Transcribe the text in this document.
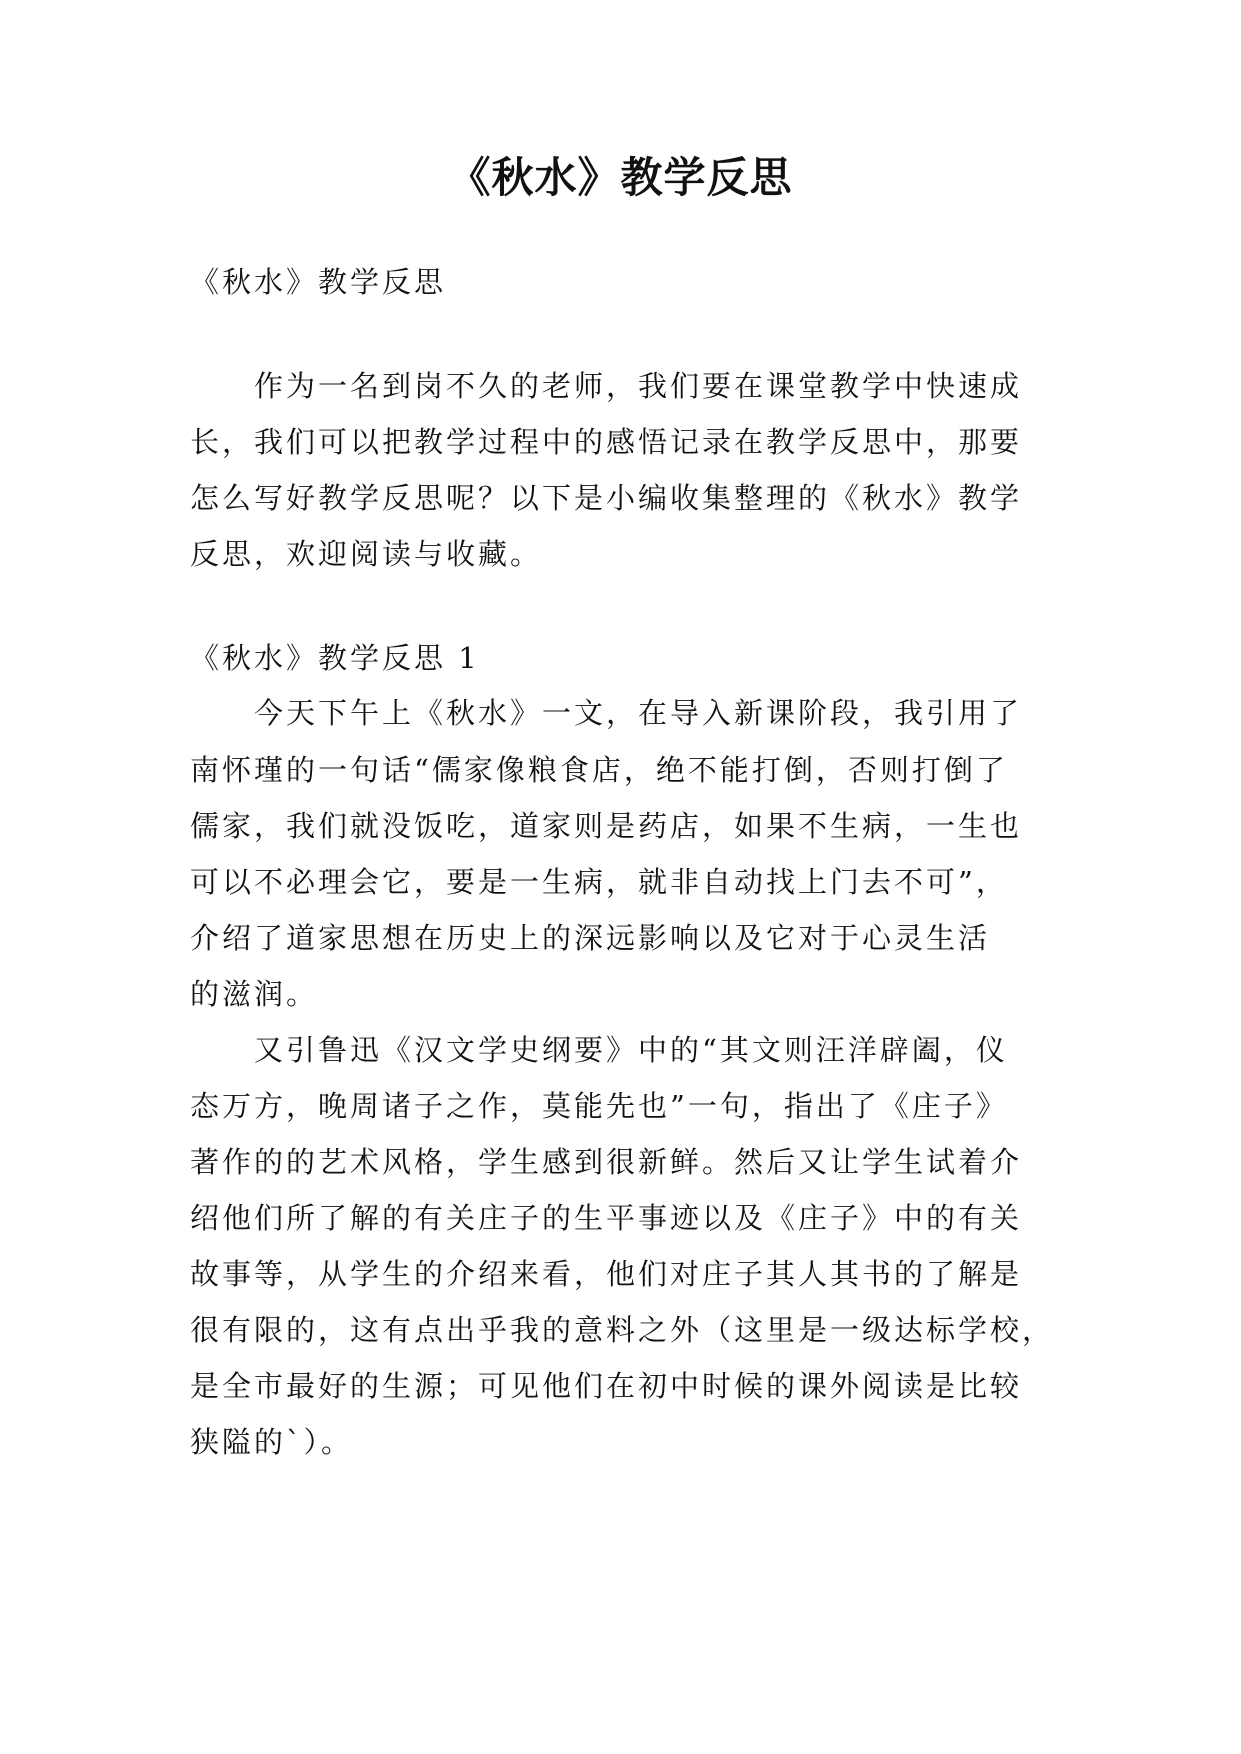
《秋水》教学反思
《秋水》教学反思
作为一名到岗不久的老师，我们要在课堂教学中快速成
长，我们可以把教学过程中的感悟记录在教学反思中，那要
怎么写好教学反思呢？以下是小编收集整理的《秋水》教学
反思，欢迎阅读与收藏。
《秋水》教学反思 1
今天下午上《秋水》一文，在导入新课阶段，我引用了
南怀瑾的一句话“儒家像粮食店，绝不能打倒，否则打倒了
儒家，我们就没饭吃，道家则是药店，如果不生病，一生也
可以不必理会它，要是一生病，就非自动找上门去不可”，
介绍了道家思想在历史上的深远影响以及它对于心灵生活
的滋润。
又引鲁迅《汉文学史纲要》中的“其文则汪洋辟阖，仪
态万方，晚周诸子之作，莫能先也”一句，指出了《庄子》
著作的的艺术风格，学生感到很新鲜。然后又让学生试着介
绍他们所了解的有关庄子的生平事迹以及《庄子》中的有关
故事等，从学生的介绍来看，他们对庄子其人其书的了解是
很有限的，这有点出乎我的意料之外（这里是一级达标学校，
是全市最好的生源；可见他们在初中时候的课外阅读是比较
狭隘的`）。
